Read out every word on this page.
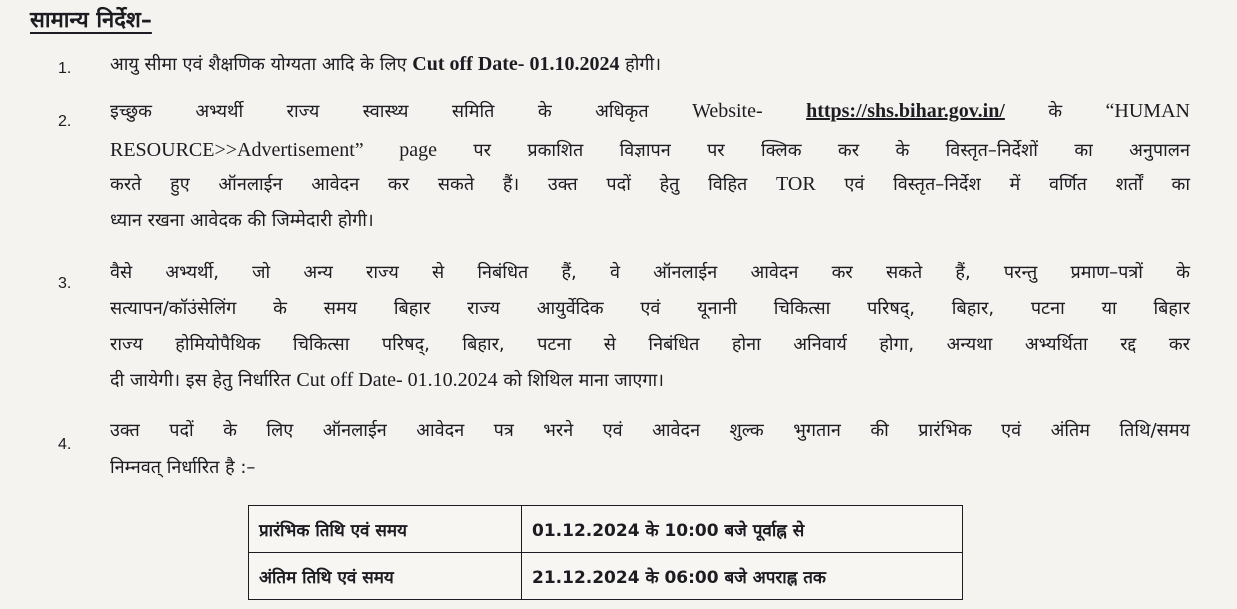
सामान्य निर्देश–
1. आयु सीमा एवं शैक्षणिक योग्यता आदि के लिए Cut off Date- 01.10.2024 होगी।
2. इच्छुक अभ्यर्थी राज्य स्वास्थ्य समिति के अधिकृत Website- https://shs.bihar.gov.in/ के “HUMAN
RESOURCE>>Advertisement” page पर प्रकाशित विज्ञापन पर क्लिक कर के विस्तृत–निर्देशों का अनुपालन
करते हुए ऑनलाईन आवेदन कर सकते हैं। उक्त पदों हेतु विहित TOR एवं विस्तृत–निर्देश में वर्णित शर्तों का
ध्यान रखना आवेदक की जिम्मेदारी होगी।
3.
वैसे अभ्यर्थी, जो अन्य राज्य से निबंधित हैं, वे ऑनलाईन आवेदन कर सकते हैं, परन्तु प्रमाण–पत्रों के
सत्यापन/कॉउंसेलिंग के समय बिहार राज्य आयुर्वेदिक एवं यूनानी चिकित्सा परिषद्, बिहार, पटना या बिहार
राज्य होमियोपैथिक चिकित्सा परिषद्, बिहार, पटना से निबंधित होना अनिवार्य होगा, अन्यथा अभ्यर्थिता रद्द कर
दी जायेगी। इस हेतु निर्धारित Cut off Date- 01.10.2024 को शिथिल माना जाएगा।
4.
उक्त पदों के लिए ऑनलाईन आवेदन पत्र भरने एवं आवेदन शुल्क भुगतान की प्रारंभिक एवं अंतिम तिथि/समय
निम्नवत् निर्धारित है :–
प्रारंभिक तिथि एवं समय	01.12.2024 के 10:00 बजे पूर्वाह्न से
अंतिम तिथि एवं समय	21.12.2024 के 06:00 बजे अपराह्न तक
